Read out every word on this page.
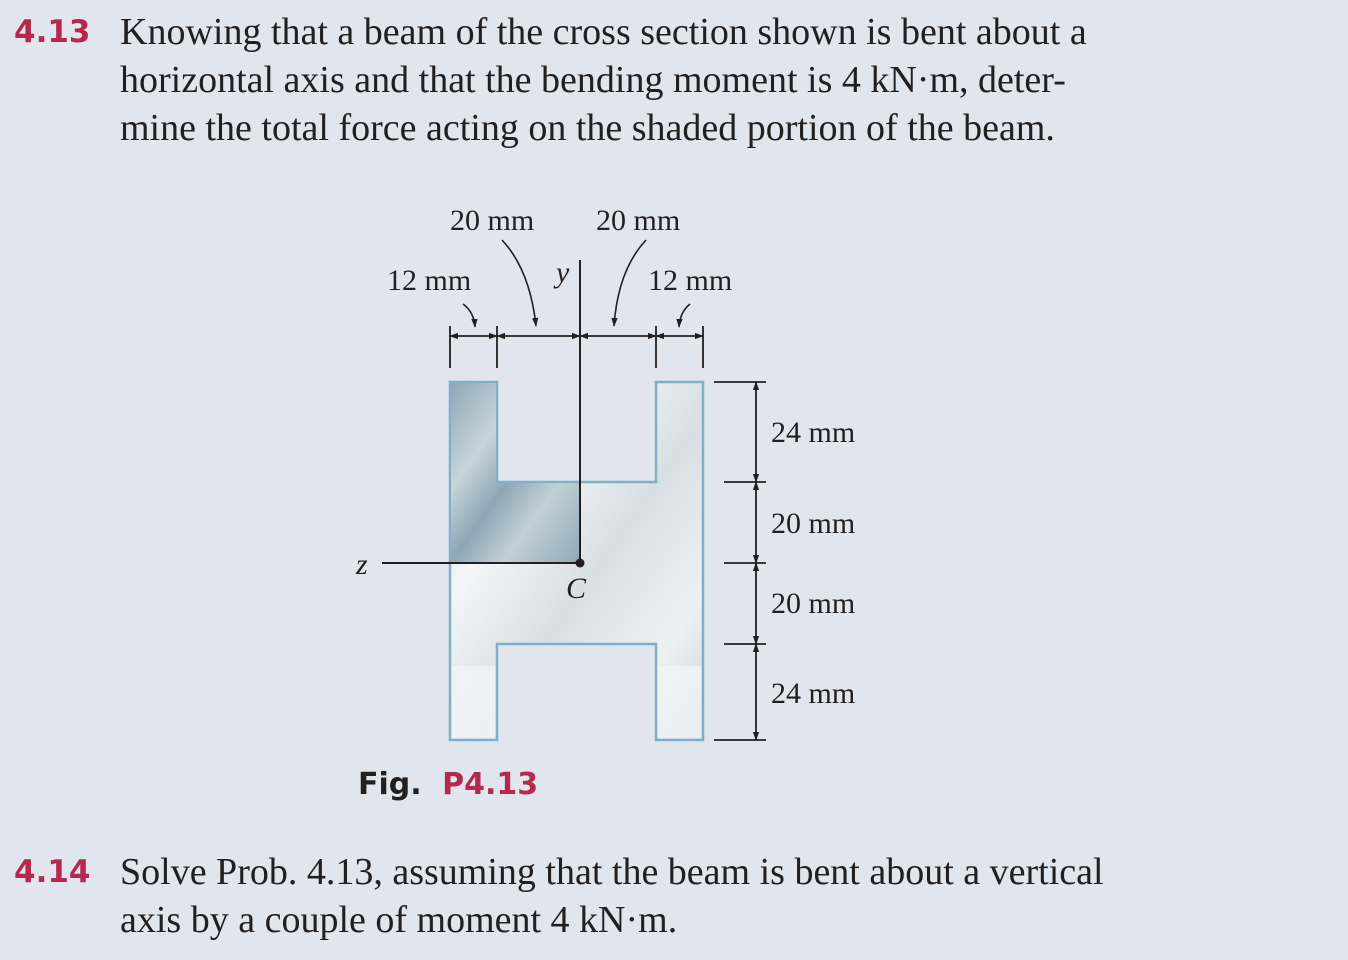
4.13 Knowing that a beam of the cross section shown is bent about a
horizontal axis and that the bending moment is 4 kN·m, deter-
mine the total force acting on the shaded portion of the beam.
y
z
C
20 mm 20 mm
12 mm	12 mm
24 mm
20 mm
20 mm
24 mm
Fig. P4.13
4.14 Solve Prob. 4.13, assuming that the beam is bent about a vertical
axis by a couple of moment 4 kN·m.
